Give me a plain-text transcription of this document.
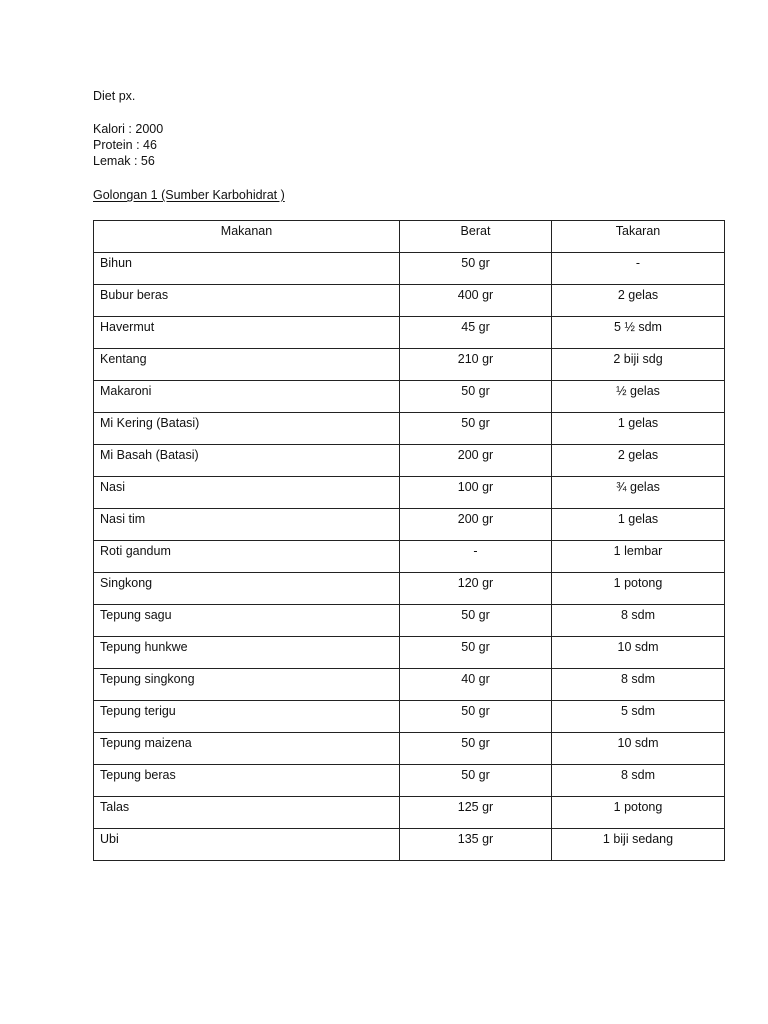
Diet px.
Kalori : 2000
Protein : 46
Lemak : 56
Golongan 1 (Sumber Karbohidrat )
Makanan	Berat	Takaran
Bihun	50 gr	-
Bubur beras	400 gr	2 gelas
Havermut	45 gr	5 ½ sdm
Kentang	210 gr	2 biji sdg
Makaroni	50 gr	½ gelas
Mi Kering (Batasi)	50 gr	1 gelas
Mi Basah (Batasi)	200 gr	2 gelas
Nasi	100 gr	¾ gelas
Nasi tim	200 gr	1 gelas
Roti gandum	-	1 lembar
Singkong	120 gr	1 potong
Tepung sagu	50 gr	8 sdm
Tepung hunkwe	50 gr	10 sdm
Tepung singkong	40 gr	8 sdm
Tepung terigu	50 gr	5 sdm
Tepung maizena	50 gr	10 sdm
Tepung beras	50 gr	8 sdm
Talas	125 gr	1 potong
Ubi	135 gr	1 biji sedang
